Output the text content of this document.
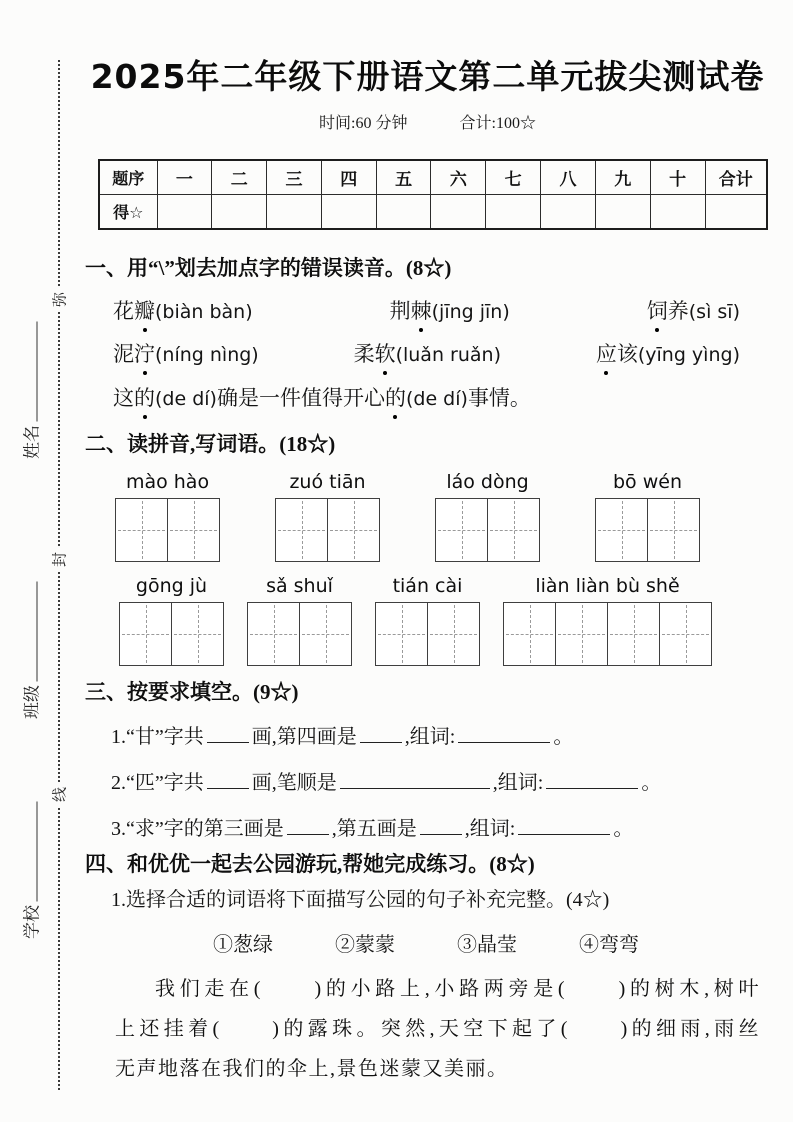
弥
封
线
姓名
班级
学校
2025年二年级下册语文第二单元拔尖测试卷
时间:60 分钟	合计:100☆
题序	一	二	三	四	五	六	七	八	九	十	合计
得☆											
一、用“\”划去加点字的错误读音。(8☆)
花瓣(biàn bàn)	荆棘(jīng jīn)	饲养(sì sī)
泥泞(níng nìng)	柔软(luǎn ruǎn)	应该(yīng yìng)
这的(de dí)确是一件值得开心的(de dí)事情。
二、读拼音,写词语。(18☆)
mào hào	zuó tiān	láo dòng	bō wén
gōng jù	sǎ shuǐ	tián cài	liàn liàn bù shě
三、按要求填空。(9☆)
1.“甘”字共 画,第四画是 ,组词:	。
2.“匹”字共 画,笔顺是	,组词:	。
3.“求”字的第三画是 ,第五画是 ,组词:	。
四、和优优一起去公园游玩,帮她完成练习。(8☆)
1.选择合适的词语将下面描写公园的句子补充完整。(4☆)
①葱绿	②蒙蒙	③晶莹	④弯弯
我们走在(　　)的小路上,小路两旁是(　　)的树木,树叶
上还挂着(　　)的露珠。突然,天空下起了(　　)的细雨,雨丝
无声地落在我们的伞上,景色迷蒙又美丽。
